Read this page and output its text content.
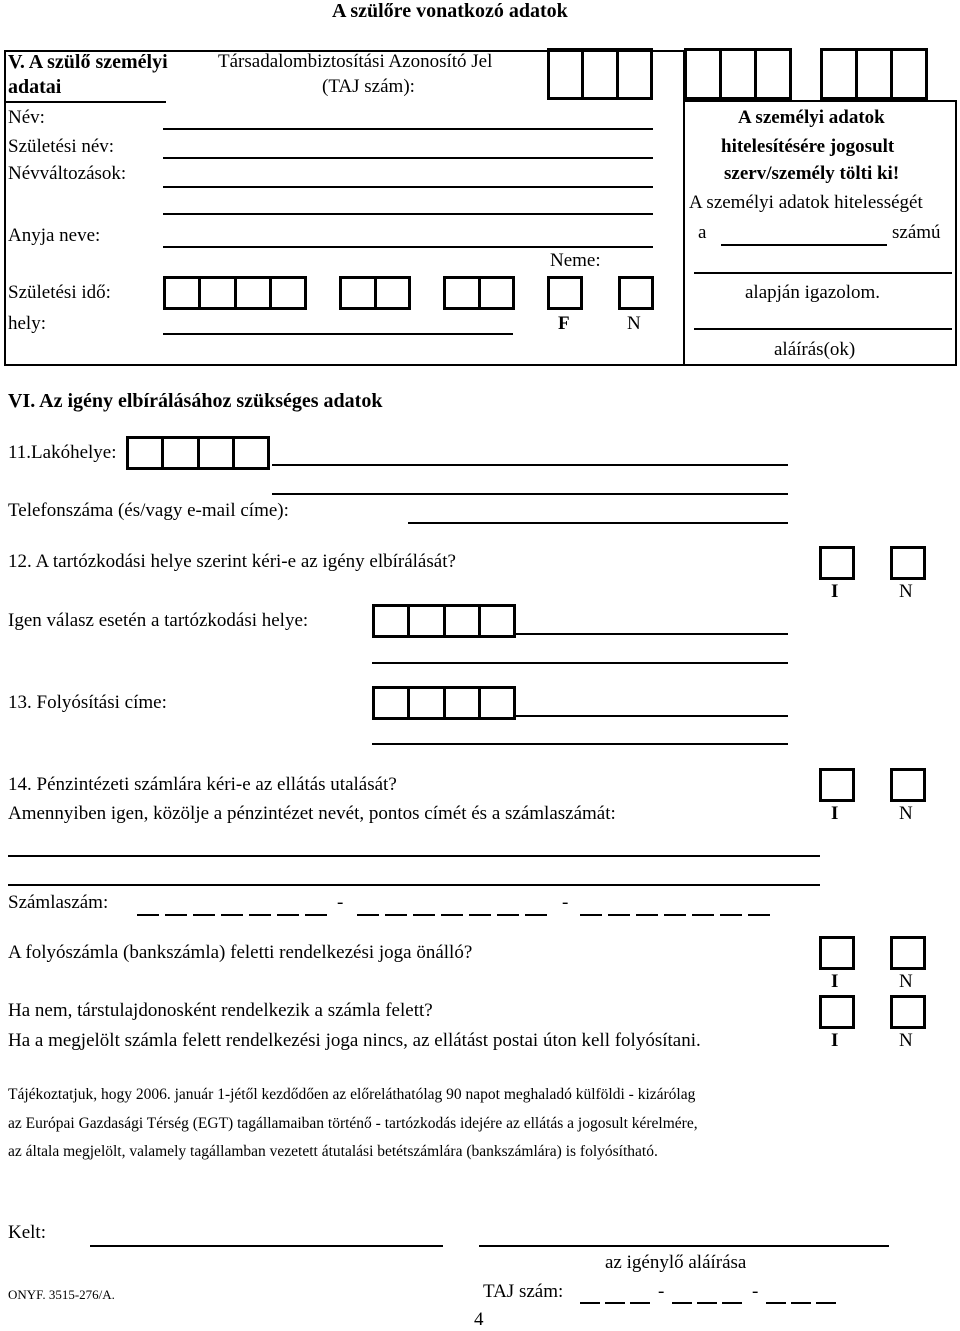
A szülőre vonatkozó adatok
V. A szülő személyi
adatai
Társadalombiztosítási Azonosító Jel
(TAJ szám):
Név:
Születési név:
Névváltozások:
Anyja neve:
Neme:
Születési idő:
hely:	F	N
A személyi adatok
hitelesítésére jogosult
szerv/személy tölti ki!
A személyi adatok hitelességét
a	számú
alapján igazolom.
aláírás(ok)
VI. Az igény elbírálásához szükséges adatok
11.Lakóhelye:
Telefonszáma (és/vagy e-mail címe):
12. A tartózkodási helye szerint kéri-e az igény elbírálását?
I	N
Igen válasz esetén a tartózkodási helye:
13. Folyósítási címe:
14. Pénzintézeti számlára kéri-e az ellátás utalását?
Amennyiben igen, közölje a pénzintézet nevét, pontos címét és a számlaszámát:	I	N
Számlaszám:	-	-
A folyószámla (bankszámla) feletti rendelkezési joga önálló?
I	N
Ha nem, társtulajdonosként rendelkezik a számla felett?
Ha a megjelölt számla felett rendelkezési joga nincs, az ellátást postai úton kell folyósítani.	I	N
Tájékoztatjuk, hogy 2006. január 1-jétől kezdődően az előreláthatólag 90 napot meghaladó külföldi - kizárólag
az Európai Gazdasági Térség (EGT) tagállamaiban történő - tartózkodás idejére az ellátás a jogosult kérelmére,
az általa megjelölt, valamely tagállamban vezetett átutalási betétszámlára (bankszámlára) is folyósítható.
Kelt:
az igénylő aláírása
ONYF. 3515-276/A.	TAJ szám:	-	-
4
